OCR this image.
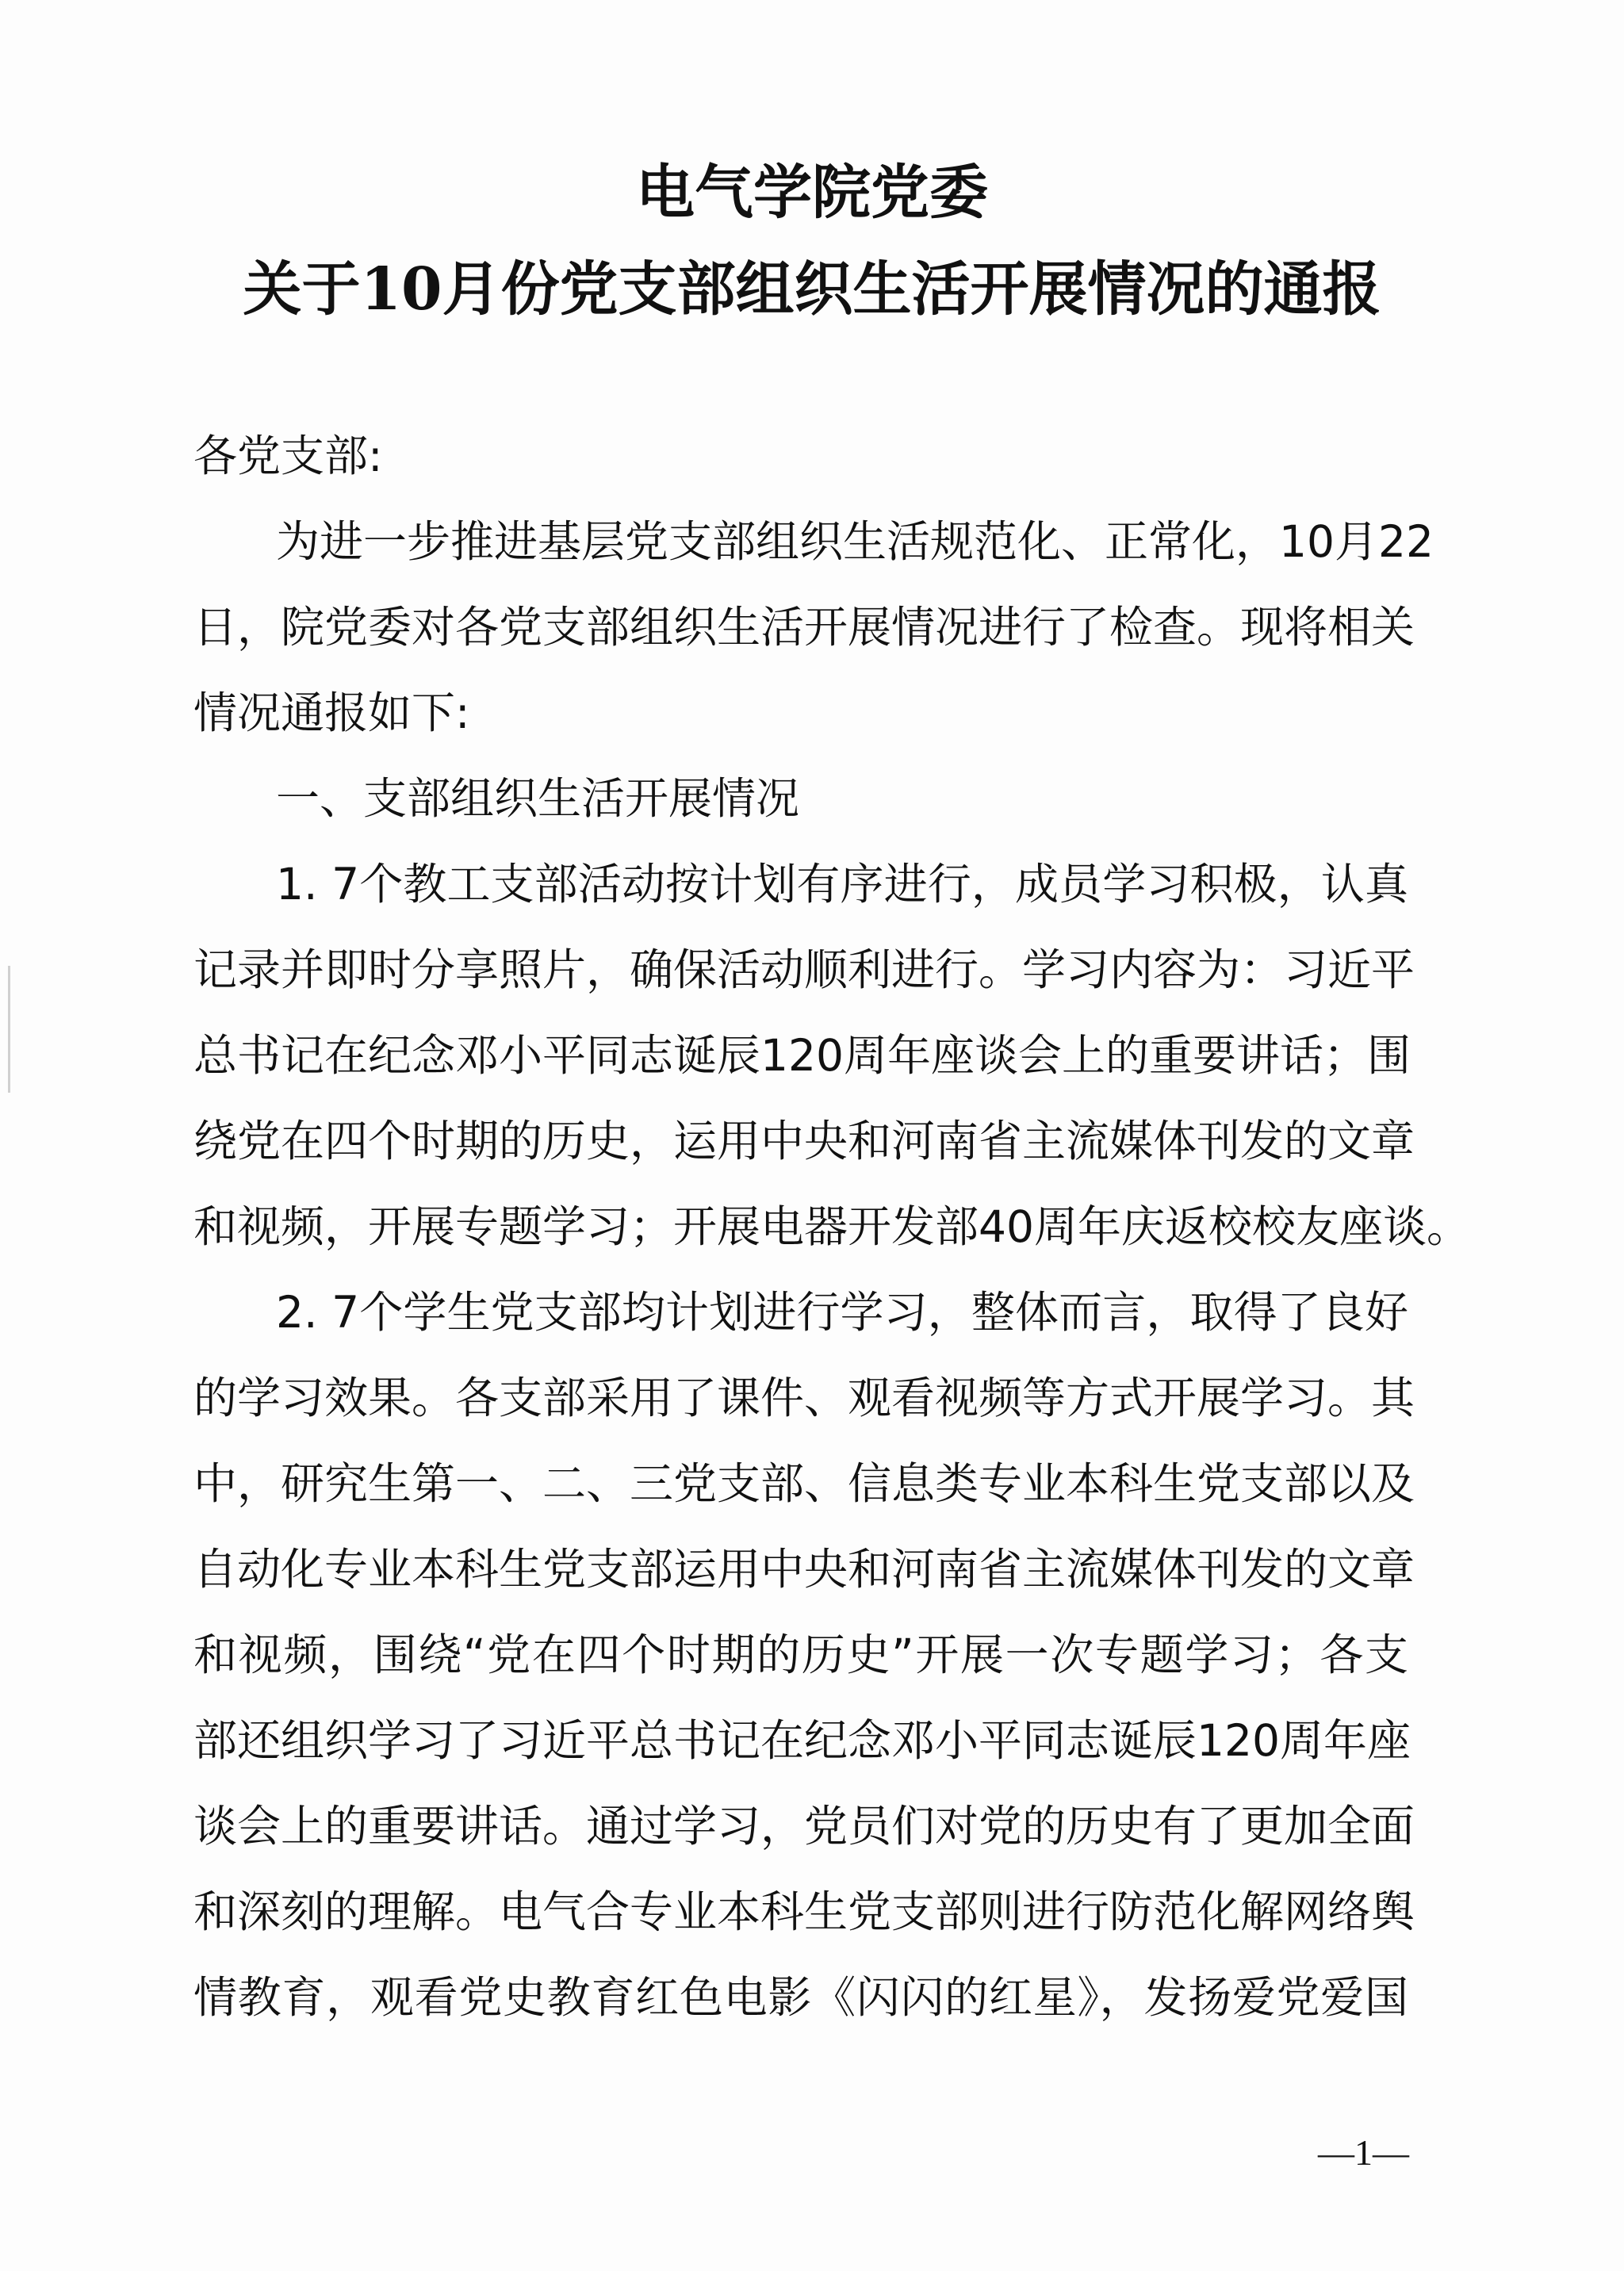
电气学院党委
关于10月份党支部组织生活开展情况的通报
各党支部:
为进一步推进基层党支部组织生活规范化、正常化，10月22
日，院党委对各党支部组织生活开展情况进行了检查。现将相关
情况通报如下:
一、支部组织生活开展情况
1. 7个教工支部活动按计划有序进行，成员学习积极，认真
记录并即时分享照片，确保活动顺利进行。学习内容为：习近平
总书记在纪念邓小平同志诞辰120周年座谈会上的重要讲话；围
绕党在四个时期的历史，运用中央和河南省主流媒体刊发的文章
和视频，开展专题学习；开展电器开发部40周年庆返校校友座谈。
2. 7个学生党支部均计划进行学习，整体而言，取得了良好
的学习效果。各支部采用了课件、观看视频等方式开展学习。其
中，研究生第一、二、三党支部、信息类专业本科生党支部以及
自动化专业本科生党支部运用中央和河南省主流媒体刊发的文章
和视频，围绕“党在四个时期的历史”开展一次专题学习；各支
部还组织学习了习近平总书记在纪念邓小平同志诞辰120周年座
谈会上的重要讲话。通过学习，党员们对党的历史有了更加全面
和深刻的理解。电气合专业本科生党支部则进行防范化解网络舆
情教育，观看党史教育红色电影《闪闪的红星》，发扬爱党爱国
—1—
